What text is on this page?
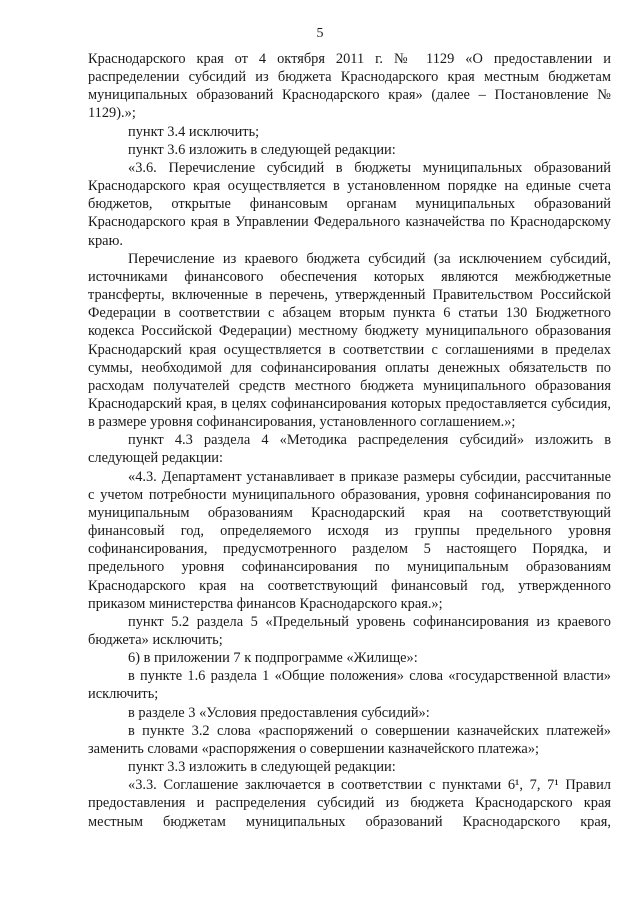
5

Краснодарского края от 4 октября 2011 г. № 1129 «О предоставлении и распределении субсидий из бюджета Краснодарского края местным бюджетам муниципальных образований Краснодарского края» (далее – Постановление № 1129).»;

пункт 3.4 исключить;

пункт 3.6 изложить в следующей редакции:

«3.6. Перечисление субсидий в бюджеты муниципальных образований Краснодарского края осуществляется в установленном порядке на единые счета бюджетов, открытые финансовым органам муниципальных образований Краснодарского края в Управлении Федерального казначейства по Краснодарскому краю.

Перечисление из краевого бюджета субсидий (за исключением субсидий, источниками финансового обеспечения которых являются межбюджетные трансферты, включенные в перечень, утвержденный Правительством Российской Федерации в соответствии с абзацем вторым пункта 6 статьи 130 Бюджетного кодекса Российской Федерации) местному бюджету муниципального образования Краснодарский края осуществляется в соответствии с соглашениями в пределах суммы, необходимой для софинансирования оплаты денежных обязательств по расходам получателей средств местного бюджета муниципального образования Краснодарский края, в целях софинансирования которых предоставляется субсидия, в размере уровня софинансирования, установленного соглашением.»;

пункт 4.3 раздела 4 «Методика распределения субсидий» изложить в следующей редакции:

«4.3. Департамент устанавливает в приказе размеры субсидии, рассчитанные с учетом потребности муниципального образования, уровня софинансирования по муниципальным образованиям Краснодарский края на соответствующий финансовый год, определяемого исходя из группы предельного уровня софинансирования, предусмотренного разделом 5 настоящего Порядка, и предельного уровня софинансирования по муниципальным образованиям Краснодарского края на соответствующий финансовый год, утвержденного приказом министерства финансов Краснодарского края.»;

пункт 5.2 раздела 5 «Предельный уровень софинансирования из краевого бюджета» исключить;

6) в приложении 7 к подпрограмме «Жилище»:

в пункте 1.6 раздела 1 «Общие положения» слова «государственной власти» исключить;

в разделе 3 «Условия предоставления субсидий»:

в пункте 3.2 слова «распоряжений о совершении казначейских платежей» заменить словами «распоряжения о совершении казначейского платежа»;

пункт 3.3 изложить в следующей редакции:

«3.3. Соглашение заключается в соответствии с пунктами 6¹, 7, 7¹ Правил предоставления и распределения субсидий из бюджета Краснодарского края местным бюджетам муниципальных образований Краснодарского края,
